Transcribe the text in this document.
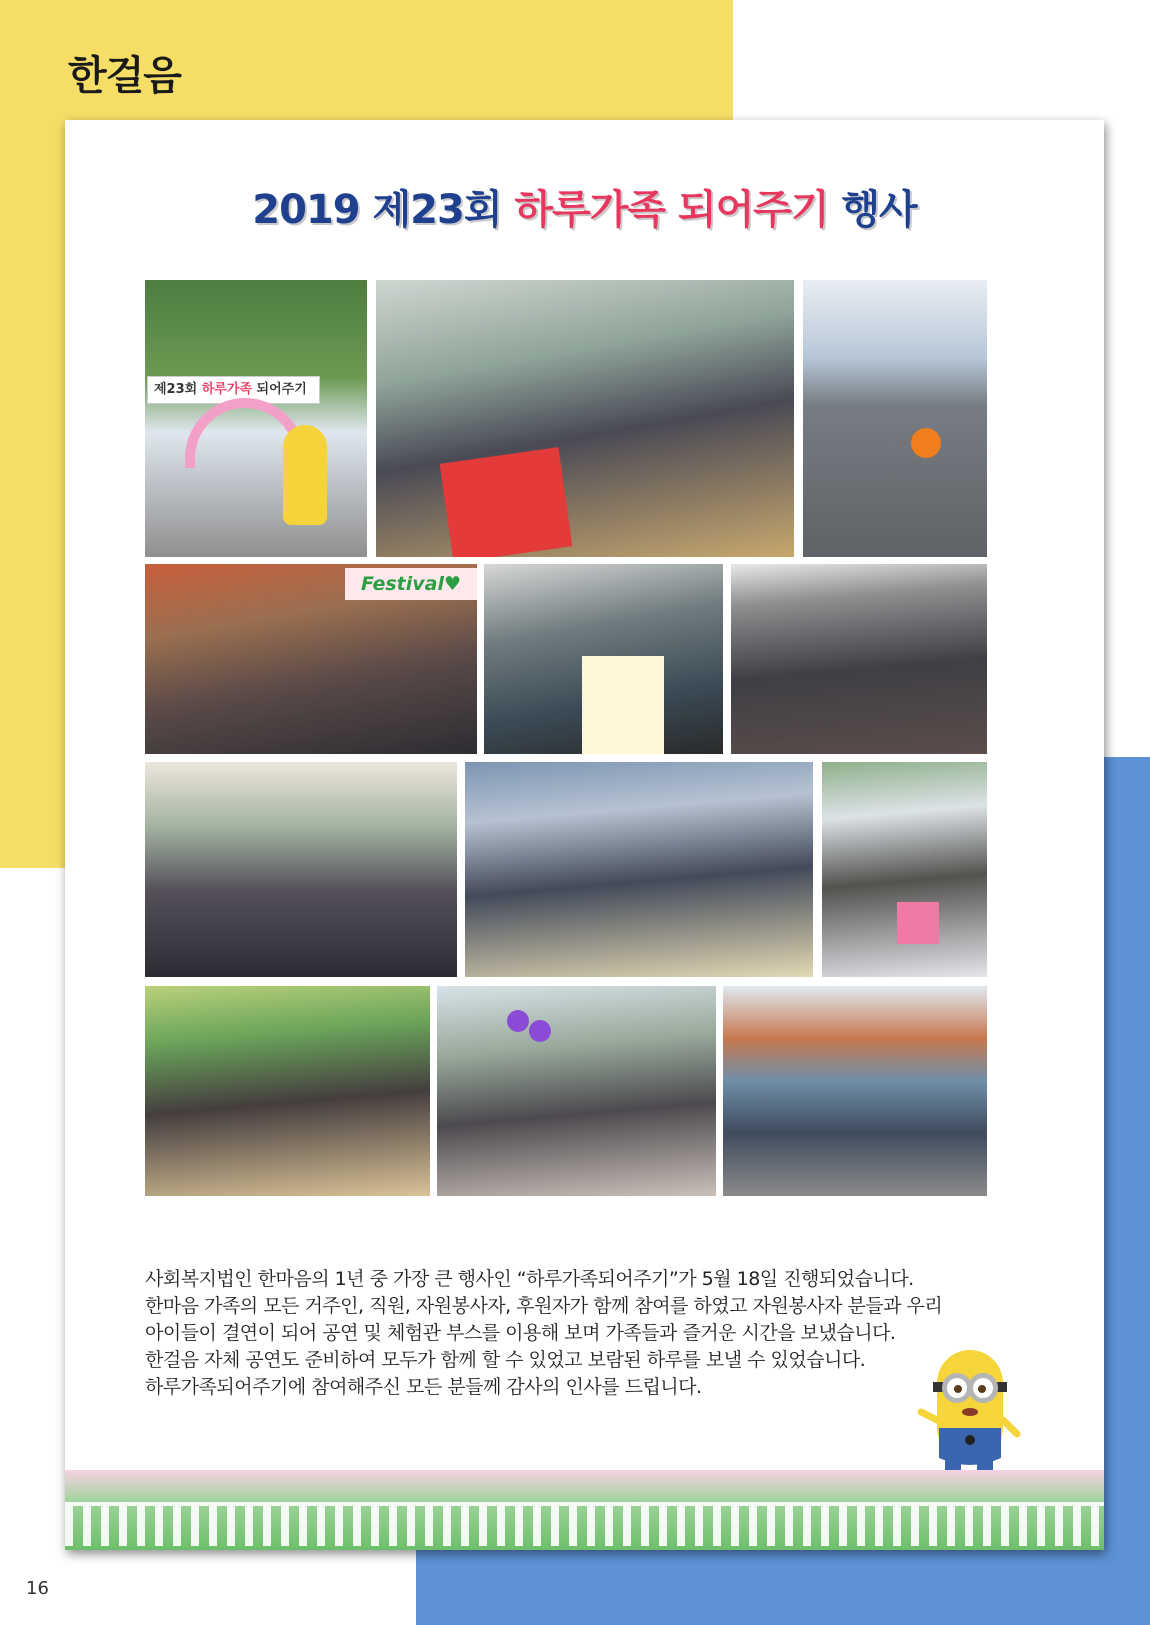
한걸음
2019 제23회 하루가족 되어주기 행사
제23회 하루가족 되어주기
Festival♥
사회복지법인 한마음의 1년 중 가장 큰 행사인 “하루가족되어주기”가 5월 18일 진행되었습니다.
한마음 가족의 모든 거주인, 직원, 자원봉사자, 후원자가 함께 참여를 하였고 자원봉사자 분들과 우리
아이들이 결연이 되어 공연 및 체험관 부스를 이용해 보며 가족들과 즐거운 시간을 보냈습니다.
한걸음 자체 공연도 준비하여 모두가 함께 할 수 있었고 보람된 하루를 보낼 수 있었습니다.
하루가족되어주기에 참여해주신 모든 분들께 감사의 인사를 드립니다.
16
